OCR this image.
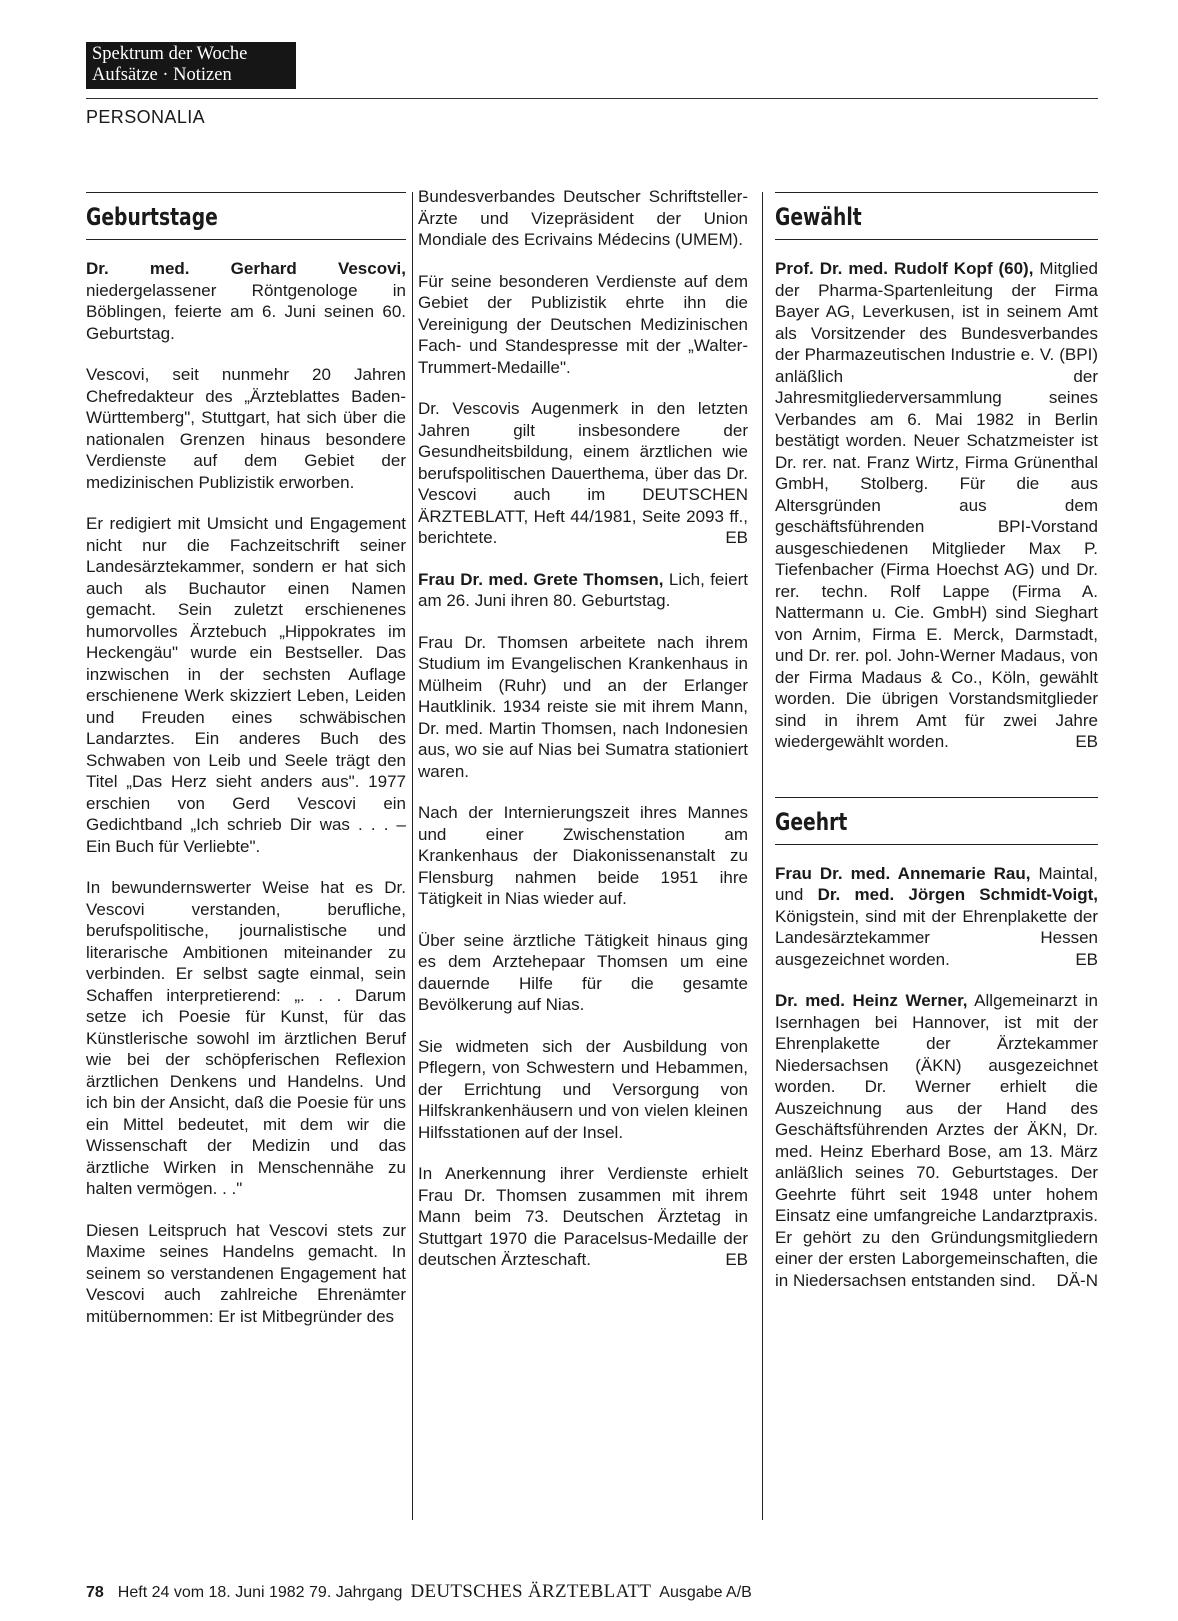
Spektrum der Woche
Aufsätze · Notizen
PERSONALIA
Geburtstage

Dr. med. Gerhard Vescovi, niedergelassener Röntgenologe in Böblingen, feierte am 6. Juni seinen 60. Geburtstag.

Vescovi, seit nunmehr 20 Jahren Chefredakteur des „Ärzteblattes Baden-Württemberg", Stuttgart, hat sich über die nationalen Grenzen hinaus besondere Verdienste auf dem Gebiet der medizinischen Publizistik erworben.

Er redigiert mit Umsicht und Engagement nicht nur die Fachzeitschrift seiner Landesärztekammer, sondern er hat sich auch als Buchautor einen Namen gemacht. Sein zuletzt erschienenes humorvolles Ärztebuch „Hippokrates im Heckengäu" wurde ein Bestseller. Das inzwischen in der sechsten Auflage erschienene Werk skizziert Leben, Leiden und Freuden eines schwäbischen Landarztes. Ein anderes Buch des Schwaben von Leib und Seele trägt den Titel „Das Herz sieht anders aus". 1977 erschien von Gerd Vescovi ein Gedichtband „Ich schrieb Dir was . . . – Ein Buch für Verliebte".

In bewundernswerter Weise hat es Dr. Vescovi verstanden, berufliche, berufspolitische, journalistische und literarische Ambitionen miteinander zu verbinden. Er selbst sagte einmal, sein Schaffen interpretierend: „. . . Darum setze ich Poesie für Kunst, für das Künstlerische sowohl im ärztlichen Beruf wie bei der schöpferischen Reflexion ärztlichen Denkens und Handelns. Und ich bin der Ansicht, daß die Poesie für uns ein Mittel bedeutet, mit dem wir die Wissenschaft der Medizin und das ärztliche Wirken in Menschennähe zu halten vermögen. . ."

Diesen Leitspruch hat Vescovi stets zur Maxime seines Handelns gemacht. In seinem so verstandenen Engagement hat Vescovi auch zahlreiche Ehrenämter mitübernommen: Er ist Mitbegründer des

Bundesverbandes Deutscher Schriftsteller-Ärzte und Vizepräsident der Union Mondiale des Ecrivains Médecins (UMEM).

Für seine besonderen Verdienste auf dem Gebiet der Publizistik ehrte ihn die Vereinigung der Deutschen Medizinischen Fach- und Standespresse mit der „Walter-Trummert-Medaille".

Dr. Vescovis Augenmerk in den letzten Jahren gilt insbesondere der Gesundheitsbildung, einem ärztlichen wie berufspolitischen Dauerthema, über das Dr. Vescovi auch im DEUTSCHEN ÄRZTEBLATT, Heft 44/1981, Seite 2093 ff., berichtete.	EB

Frau Dr. med. Grete Thomsen, Lich, feiert am 26. Juni ihren 80. Geburtstag.

Frau Dr. Thomsen arbeitete nach ihrem Studium im Evangelischen Krankenhaus in Mülheim (Ruhr) und an der Erlanger Hautklinik. 1934 reiste sie mit ihrem Mann, Dr. med. Martin Thomsen, nach Indonesien aus, wo sie auf Nias bei Sumatra stationiert waren.

Nach der Internierungszeit ihres Mannes und einer Zwischenstation am Krankenhaus der Diakonissenanstalt zu Flensburg nahmen beide 1951 ihre Tätigkeit in Nias wieder auf.

Über seine ärztliche Tätigkeit hinaus ging es dem Arztehepaar Thomsen um eine dauernde Hilfe für die gesamte Bevölkerung auf Nias.

Sie widmeten sich der Ausbildung von Pflegern, von Schwestern und Hebammen, der Errichtung und Versorgung von Hilfskrankenhäusern und von vielen kleinen Hilfsstationen auf der Insel.

In Anerkennung ihrer Verdienste erhielt Frau Dr. Thomsen zusammen mit ihrem Mann beim 73. Deutschen Ärztetag in Stuttgart 1970 die Paracelsus-Medaille der deutschen Ärzteschaft.	EB

Gewählt

Prof. Dr. med. Rudolf Kopf (60), Mitglied der Pharma-Spartenleitung der Firma Bayer AG, Leverkusen, ist in seinem Amt als Vorsitzender des Bundesverbandes der Pharmazeutischen Industrie e. V. (BPI) anläßlich der Jahresmitgliederversammlung seines Verbandes am 6. Mai 1982 in Berlin bestätigt worden. Neuer Schatzmeister ist Dr. rer. nat. Franz Wirtz, Firma Grünenthal GmbH, Stolberg. Für die aus Altersgründen aus dem geschäftsführenden BPI-Vorstand ausgeschiedenen Mitglieder Max P. Tiefenbacher (Firma Hoechst AG) und Dr. rer. techn. Rolf Lappe (Firma A. Nattermann u. Cie. GmbH) sind Sieghart von Arnim, Firma E. Merck, Darmstadt, und Dr. rer. pol. John-Werner Madaus, von der Firma Madaus & Co., Köln, gewählt worden. Die übrigen Vorstandsmitglieder sind in ihrem Amt für zwei Jahre wiedergewählt worden.	EB

Geehrt

Frau Dr. med. Annemarie Rau, Maintal, und Dr. med. Jörgen Schmidt-Voigt, Königstein, sind mit der Ehrenplakette der Landesärztekammer Hessen ausgezeichnet worden.	EB

Dr. med. Heinz Werner, Allgemeinarzt in Isernhagen bei Hannover, ist mit der Ehrenplakette der Ärztekammer Niedersachsen (ÄKN) ausgezeichnet worden. Dr. Werner erhielt die Auszeichnung aus der Hand des Geschäftsführenden Arztes der ÄKN, Dr. med. Heinz Eberhard Bose, am 13. März anläßlich seines 70. Geburtstages. Der Geehrte führt seit 1948 unter hohem Einsatz eine umfangreiche Landarztpraxis. Er gehört zu den Gründungsmitgliedern einer der ersten Laborgemeinschaften, die in Niedersachsen entstanden sind. DÄ-N

78 Heft 24 vom 18. Juni 1982 79. Jahrgang DEUTSCHES ÄRZTEBLATT Ausgabe A/B
